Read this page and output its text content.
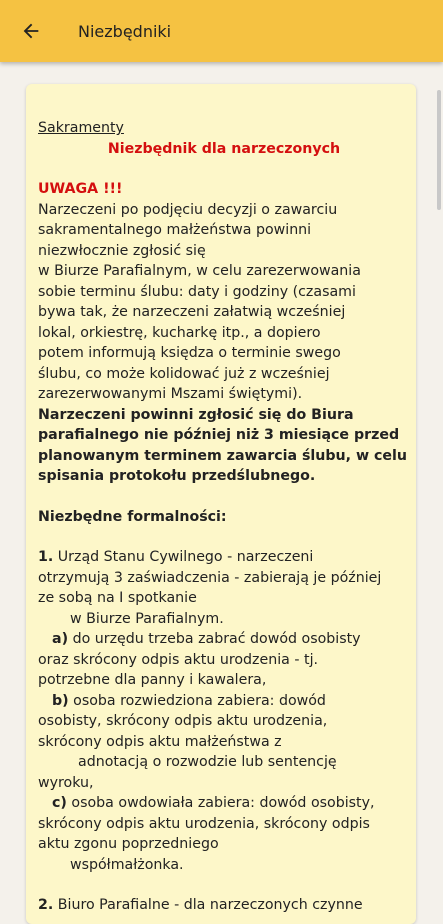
Niezbędniki

Sakramenty

Niezbędnik dla narzeczonych

UWAGA !!!

Narzeczeni po podjęciu decyzji o zawarciu

sakramentalnego małżeństwa powinni

niezwłocznie zgłosić się

w Biurze Parafialnym, w celu zarezerwowania

sobie terminu ślubu: daty i godziny (czasami

bywa tak, że narzeczeni załatwią wcześniej

lokal, orkiestrę, kucharkę itp., a dopiero

potem informują księdza o terminie swego

ślubu, co może kolidować już z wcześniej

zarezerwowanymi Mszami świętymi).

Narzeczeni powinni zgłosić się do Biura

parafialnego nie później niż 3 miesiące przed

planowanym terminem zawarcia ślubu, w celu

spisania protokołu przedślubnego.

Niezbędne formalności:

1. Urząd Stanu Cywilnego - narzeczeni

otrzymują 3 zaświadczenia - zabierają je później

ze sobą na I spotkanie

w Biurze Parafialnym.

a) do urzędu trzeba zabrać dowód osobisty

oraz skrócony odpis aktu urodzenia - tj.

potrzebne dla panny i kawalera,

b) osoba rozwiedziona zabiera: dowód

osobisty, skrócony odpis aktu urodzenia,

skrócony odpis aktu małżeństwa z

adnotacją o rozwodzie lub sentencję

wyroku,

c) osoba owdowiała zabiera: dowód osobisty,

skrócony odpis aktu urodzenia, skrócony odpis

aktu zgonu poprzedniego

współmałżonka.

2. Biuro Parafialne - dla narzeczonych czynne
